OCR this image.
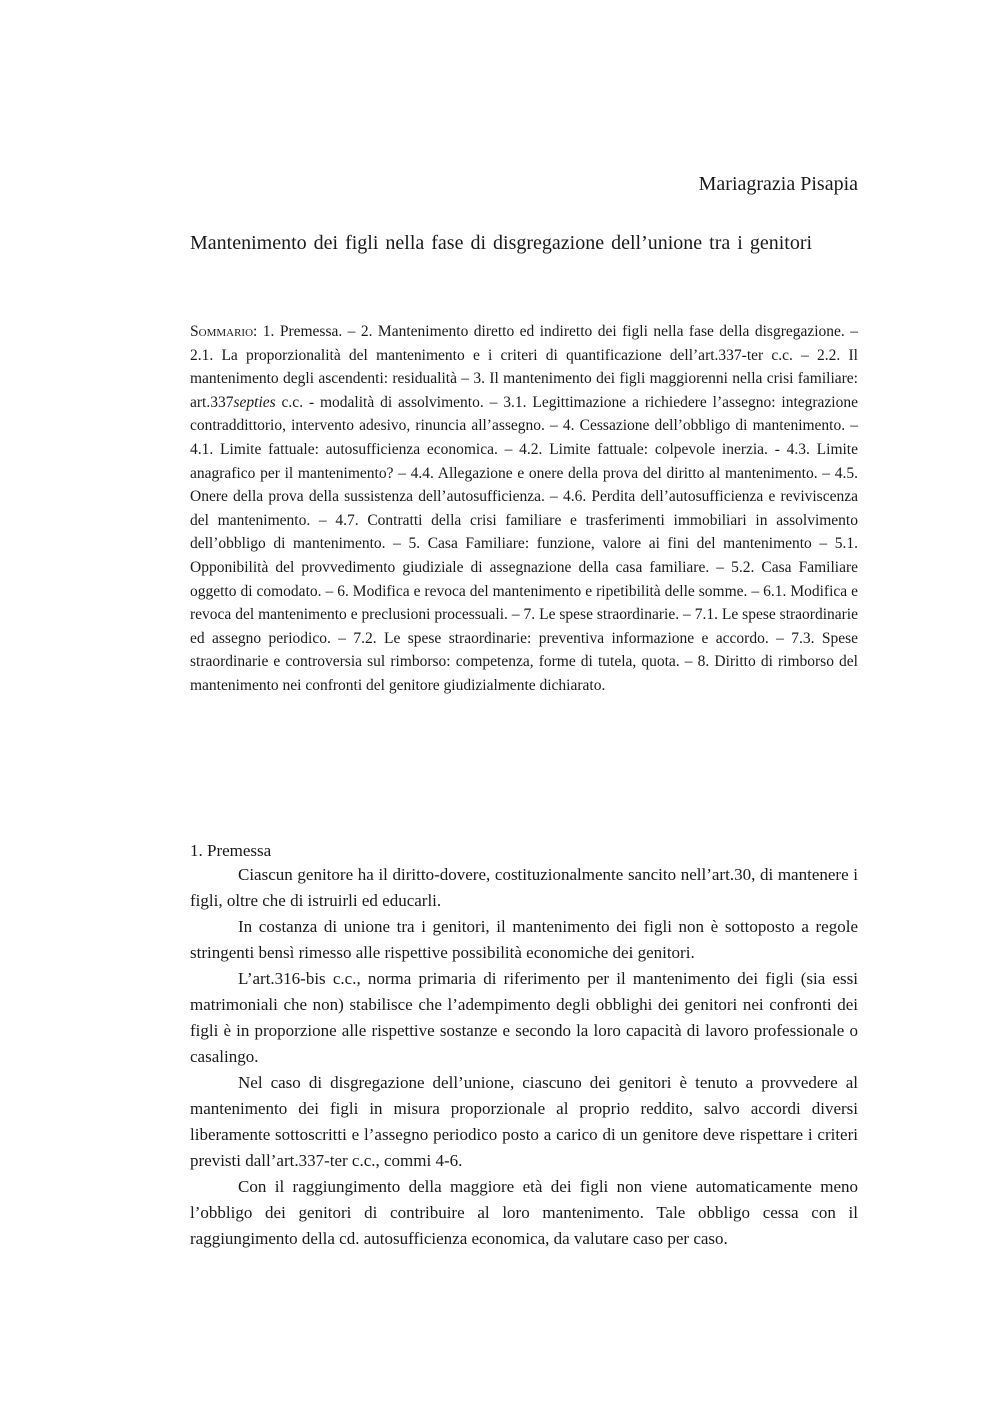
Mariagrazia Pisapia
Mantenimento dei figli nella fase di disgregazione dell’unione tra i genitori
Sommario: 1. Premessa. – 2. Mantenimento diretto ed indiretto dei figli nella fase della disgregazione. – 2.1. La proporzionalità del mantenimento e i criteri di quantificazione dell’art.337-ter c.c. – 2.2. Il mantenimento degli ascendenti: residualità – 3. Il mantenimento dei figli maggiorenni nella crisi familiare: art.337septies c.c. - modalità di assolvimento. – 3.1. Legittimazione a richiedere l’assegno: integrazione contraddittorio, intervento adesivo, rinuncia all’assegno. – 4. Cessazione dell’obbligo di mantenimento. – 4.1. Limite fattuale: autosufficienza economica. – 4.2. Limite fattuale: colpevole inerzia. - 4.3. Limite anagrafico per il mantenimento? – 4.4. Allegazione e onere della prova del diritto al mantenimento. – 4.5. Onere della prova della sussistenza dell’autosufficienza. – 4.6. Perdita dell’autosufficienza e reviviscenza del mantenimento. – 4.7. Contratti della crisi familiare e trasferimenti immobiliari in assolvimento dell’obbligo di mantenimento. – 5. Casa Familiare: funzione, valore ai fini del mantenimento – 5.1. Opponibilità del provvedimento giudiziale di assegnazione della casa familiare. – 5.2. Casa Familiare oggetto di comodato. – 6. Modifica e revoca del mantenimento e ripetibilità delle somme. – 6.1. Modifica e revoca del mantenimento e preclusioni processuali. – 7. Le spese straordinarie. – 7.1. Le spese straordinarie ed assegno periodico. – 7.2. Le spese straordinarie: preventiva informazione e accordo. – 7.3. Spese straordinarie e controversia sul rimborso: competenza, forme di tutela, quota. – 8. Diritto di rimborso del mantenimento nei confronti del genitore giudizialmente dichiarato.
1. Premessa

Ciascun genitore ha il diritto-dovere, costituzionalmente sancito nell’art.30, di mantenere i figli, oltre che di istruirli ed educarli.

In costanza di unione tra i genitori, il mantenimento dei figli non è sottoposto a regole stringenti bensì rimesso alle rispettive possibilità economiche dei genitori.

L’art.316-bis c.c., norma primaria di riferimento per il mantenimento dei figli (sia essi matrimoniali che non) stabilisce che l’adempimento degli obblighi dei genitori nei confronti dei figli è in proporzione alle rispettive sostanze e secondo la loro capacità di lavoro professionale o casalingo.

Nel caso di disgregazione dell’unione, ciascuno dei genitori è tenuto a provvedere al mantenimento dei figli in misura proporzionale al proprio reddito, salvo accordi diversi liberamente sottoscritti e l’assegno periodico posto a carico di un genitore deve rispettare i criteri previsti dall’art.337-ter c.c., commi 4-6.

Con il raggiungimento della maggiore età dei figli non viene automaticamente meno l’obbligo dei genitori di contribuire al loro mantenimento. Tale obbligo cessa con il raggiungimento della cd. autosufficienza economica, da valutare caso per caso.
